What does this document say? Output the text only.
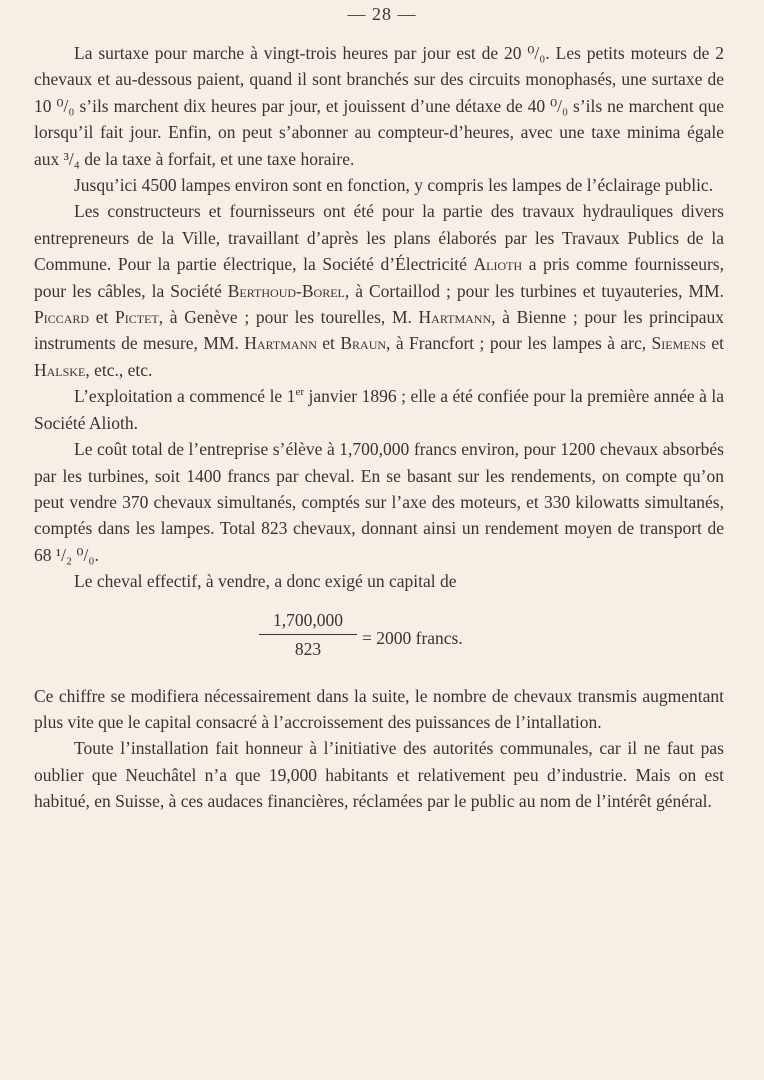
— 28 —

La surtaxe pour marche à vingt-trois heures par jour est de 20 ⁰/₀. Les petits moteurs de 2 chevaux et au-dessous paient, quand il sont branchés sur des circuits monophasés, une surtaxe de 10 ⁰/₀ s’ils marchent dix heures par jour, et jouissent d’une détaxe de 40 ⁰/₀ s’ils ne marchent que lorsqu’il fait jour. Enfin, on peut s’abonner au compteur-d’heures, avec une taxe minima égale aux ³/₄ de la taxe à forfait, et une taxe horaire.

Jusqu’ici 4500 lampes environ sont en fonction, y compris les lampes de l’éclairage public.

Les constructeurs et fournisseurs ont été pour la partie des travaux hydrauliques divers entrepreneurs de la Ville, travaillant d’après les plans élaborés par les Travaux Publics de la Commune. Pour la partie électrique, la Société d’Électricité Alioth a pris comme fournisseurs, pour les câbles, la Société Berthoud-Borel, à Cortaillod ; pour les turbines et tuyauteries, MM. Piccard et Pictet, à Genève ; pour les tourelles, M. Hartmann, à Bienne ; pour les principaux instruments de mesure, MM. Hartmann et Braun, à Francfort ; pour les lampes à arc, Siemens et Halske, etc., etc.

L’exploitation a commencé le 1er janvier 1896 ; elle a été confiée pour la première année à la Société Alioth.

Le coût total de l’entreprise s’élève à 1,700,000 francs environ, pour 1200 chevaux absorbés par les turbines, soit 1400 francs par cheval. En se basant sur les rendements, on compte qu’on peut vendre 370 chevaux simultanés, comptés sur l’axe des moteurs, et 330 kilowatts simultanés, comptés dans les lampes. Total 823 chevaux, donnant ainsi un rendement moyen de transport de 68 ¹/₂ ⁰/₀.

Le cheval effectif, à vendre, a donc exigé un capital de

1,700,000
823
= 2000 francs.

Ce chiffre se modifiera nécessairement dans la suite, le nombre de chevaux transmis augmentant plus vite que le capital consacré à l’accroissement des puissances de l’intallation.

Toute l’installation fait honneur à l’initiative des autorités communales, car il ne faut pas oublier que Neuchâtel n’a que 19,000 habitants et relativement peu d’industrie. Mais on est habitué, en Suisse, à ces audaces financières, réclamées par le public au nom de l’intérêt général.
